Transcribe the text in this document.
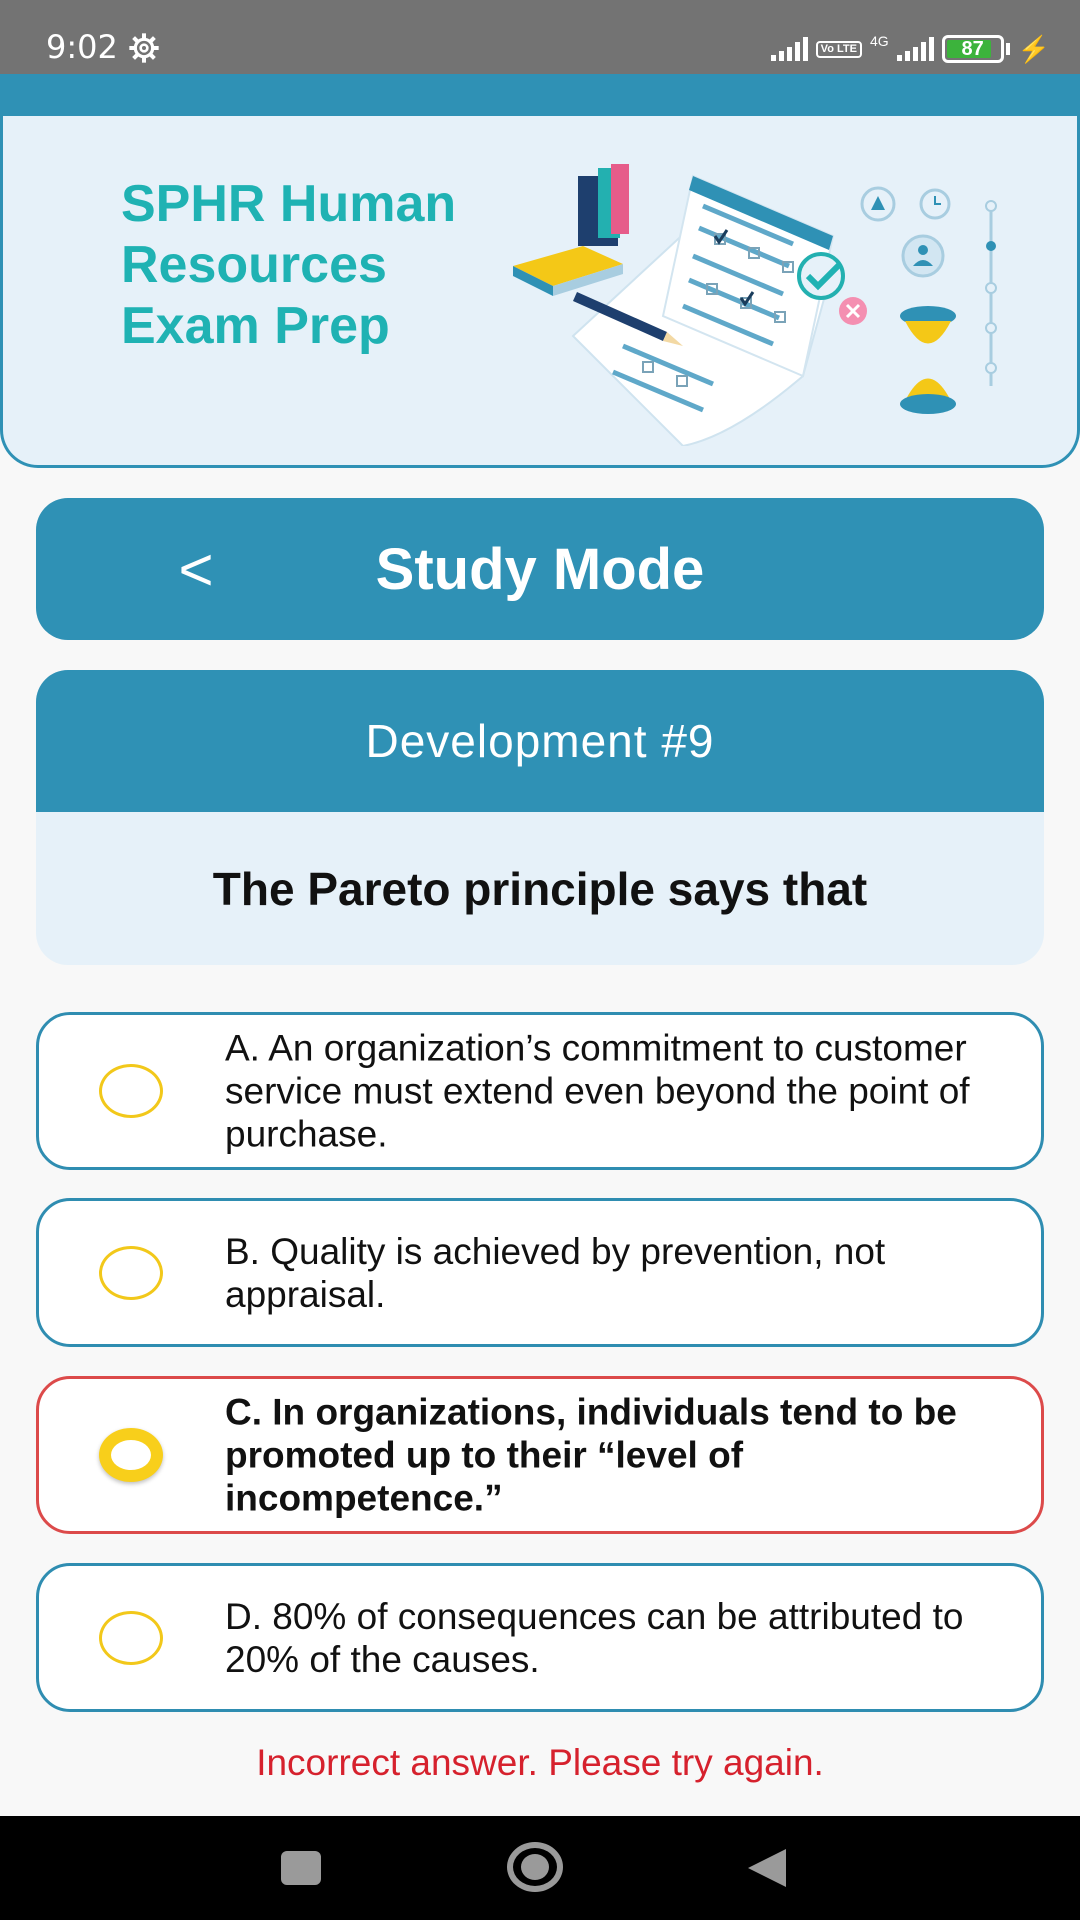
9:02	Vo LTE 4G	87 ⚡
SPHR Human Resources Exam Prep
Study Mode
<
Development #9
The Pareto principle says that
A. An organization’s commitment to customer service must extend even beyond the point of purchase.
B. Quality is achieved by prevention, not appraisal.
C. In organizations, individuals tend to be promoted up to their “level of incompetence.”
D. 80% of consequences can be attributed to 20% of the causes.
Incorrect answer. Please try again.
